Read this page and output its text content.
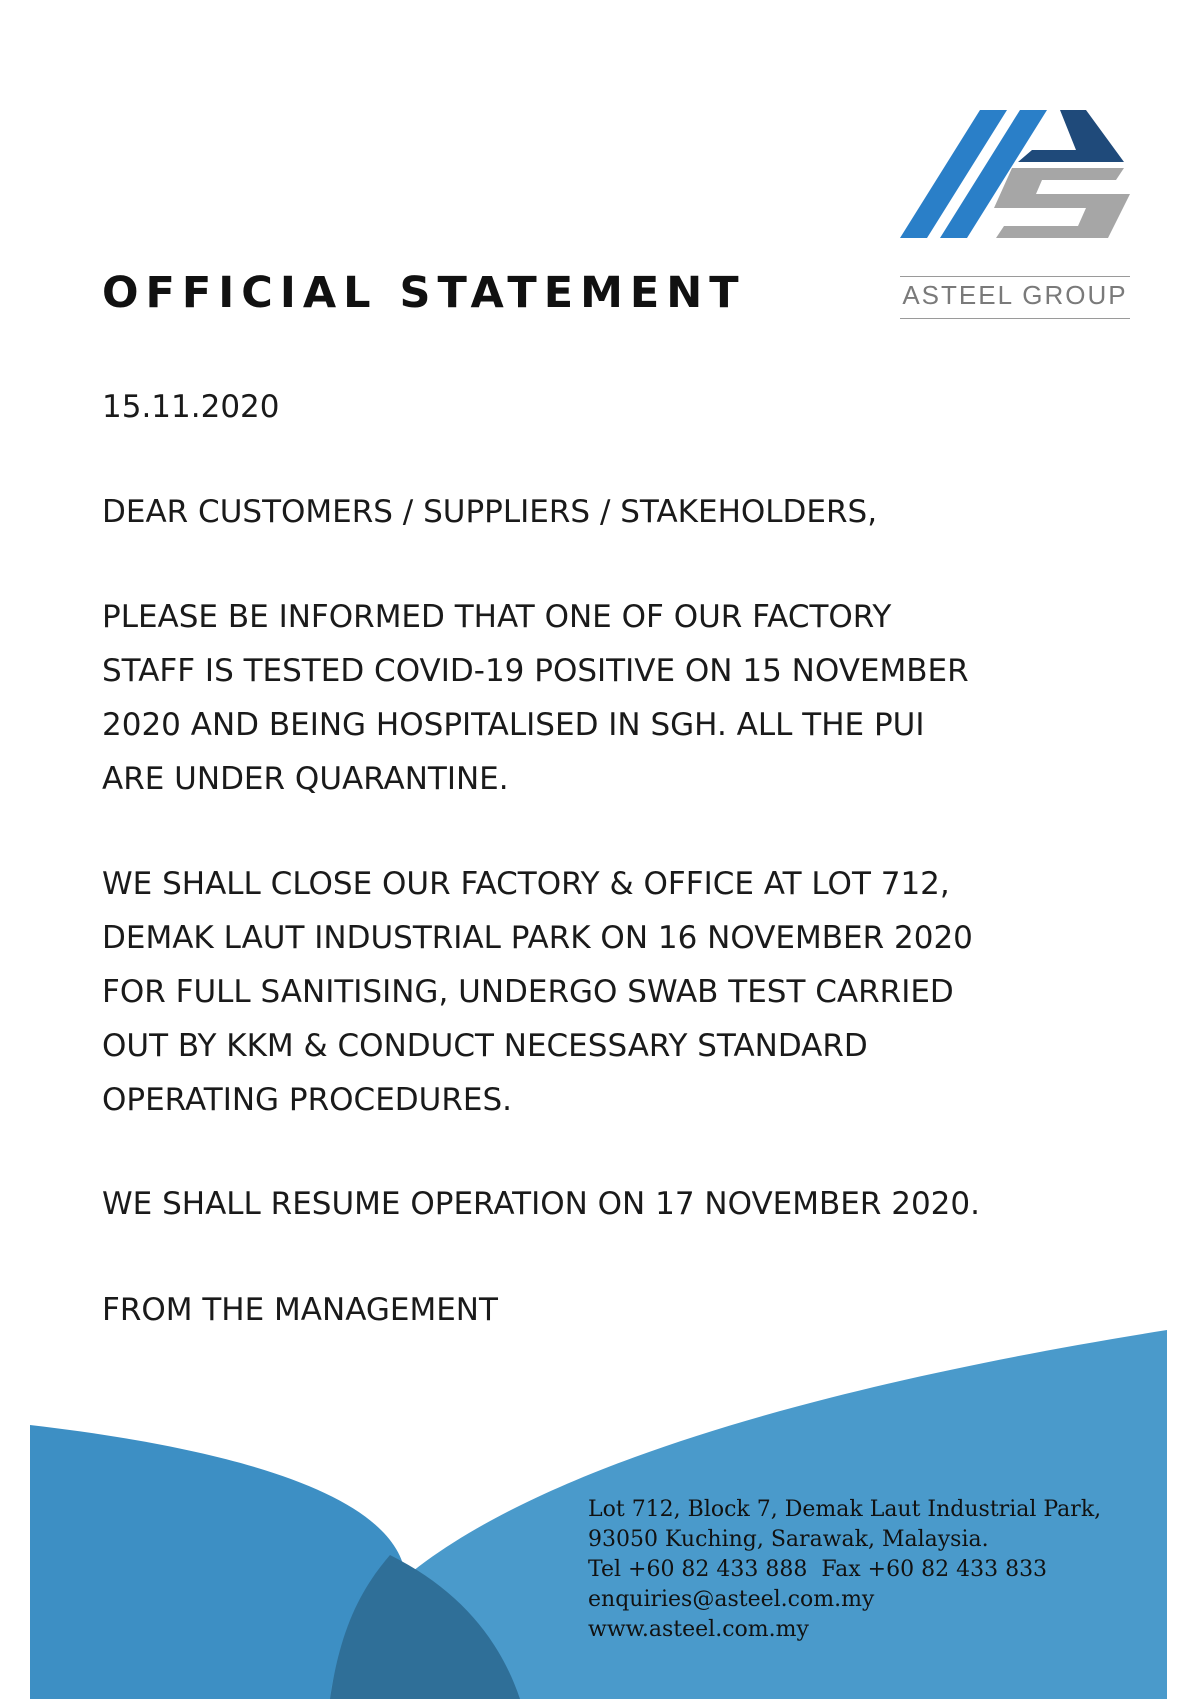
ASTEEL GROUP
OFFICIAL STATEMENT

15.11.2020

DEAR CUSTOMERS / SUPPLIERS / STAKEHOLDERS,

PLEASE BE INFORMED THAT ONE OF OUR FACTORY
STAFF IS TESTED COVID-19 POSITIVE ON 15 NOVEMBER
2020 AND BEING HOSPITALISED IN SGH. ALL THE PUI
ARE UNDER QUARANTINE.

WE SHALL CLOSE OUR FACTORY & OFFICE AT LOT 712,
DEMAK LAUT INDUSTRIAL PARK ON 16 NOVEMBER 2020
FOR FULL SANITISING, UNDERGO SWAB TEST CARRIED
OUT BY KKM & CONDUCT NECESSARY STANDARD
OPERATING PROCEDURES.

WE SHALL RESUME OPERATION ON 17 NOVEMBER 2020.

FROM THE MANAGEMENT

Lot 712, Block 7, Demak Laut Industrial Park,
93050 Kuching, Sarawak, Malaysia.
Tel +60 82 433 888  Fax +60 82 433 833
enquiries@asteel.com.my
www.asteel.com.my
